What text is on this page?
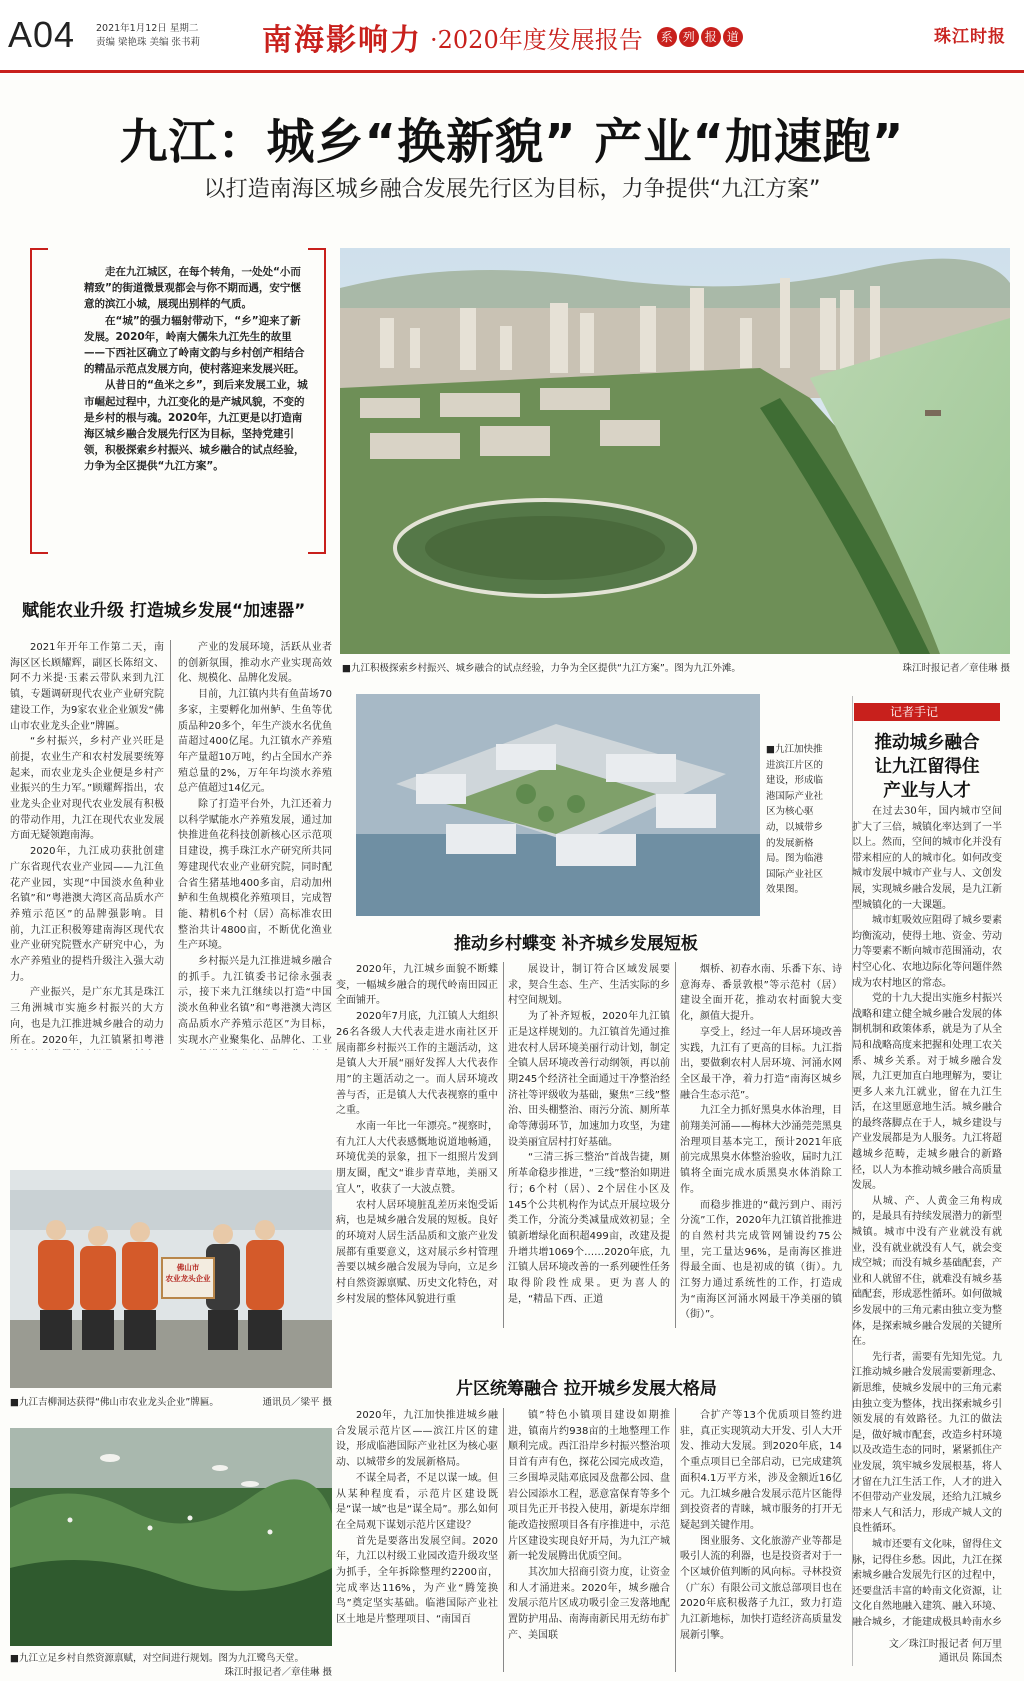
A04 2021年1月12日 星期二
责编 梁艳珠 美编 张书莉 南海影响力 ·2020年度发展报告	系 列 报 道	珠江时报
九江：城乡“换新貌” 产业“加速跑”
以打造南海区城乡融合发展先行区为目标，力争提供“九江方案”

走在九江城区，在每个转角，一处处“小而精致”的街道微景观都会与你不期而遇，安宁惬意的滨江小城，展现出别样的气质。

在“城”的强力辐射带动下，“乡”迎来了新发展。2020年，岭南大儒朱九江先生的故里——下西社区确立了岭南文韵与乡村创产相结合的精品示范点发展方向，使村落迎来发展兴旺。

从昔日的“鱼米之乡”，到后来发展工业，城市崛起过程中，九江变化的是产城风貌，不变的是乡村的根与魂。2020年，九江更是以打造南海区城乡融合发展先行区为目标，坚持党建引领，积极探索乡村振兴、城乡融合的试点经验，力争为全区提供“九江方案”。

■九江积极探索乡村振兴、城乡融合的试点经验，力争为全区提供“九江方案”。图为九江外滩。	珠江时报记者／章佳琳 摄
赋能农业升级 打造城乡发展“加速器”

2021年开年工作第二天，南海区区长顾耀辉，副区长陈绍文、阿不力米提·玉素云带队来到九江镇，专题调研现代农业产业研究院建设工作，为9家农业企业颁发“佛山市农业龙头企业”牌匾。

“乡村振兴，乡村产业兴旺是前提，农业生产和农村发展要统筹起来，而农业龙头企业便是乡村产业振兴的生力军。”顾耀辉指出，农业龙头企业对现代农业发展有积极的带动作用，九江在现代农业发展方面无疑领跑南海。

2020年，九江成功获批创建广东省现代农业产业园——九江鱼花产业园，实现“中国淡水鱼种业名镇”和“粤港澳大湾区高品质水产养殖示范区”的品牌强影响。目前，九江正积极筹建南海区现代农业产业研究院暨水产研究中心，为水产养殖业的提档升级注入强大动力。

产业振兴，是广东尤其是珠江三角洲城市实施乡村振兴的大方向，也是九江推进城乡融合的动力所在。2020年，九江镇紧扣粤港

产业的发展环境，活跃从业者的创新氛围，推动水产业实现高效化、规模化、品牌化发展。

目前，九江镇内共有鱼苗场70多家，主要孵化加州鲈、生鱼等优质品种20多个，年生产淡水名优鱼苗超过400亿尾。九江镇水产养殖年产量超10万吨，约占全国水产养殖总量的2%，万年年均淡水养殖总产值超过14亿元。

除了打造平台外，九江还着力以科学赋能水产养殖发展，通过加快推进鱼花科技创新核心区示范项目建设，携手珠江水产研究所共同筹建现代农业产业研究院，同时配合省生猪基地400多亩，启动加州鲈和生鱼规模化养殖项目，完成智能、精机6个村（居）高标准农田整治共计4800亩，不断优化渔业生产环境。

乡村振兴是九江推进城乡融合的抓手。九江镇委书记徐永强表示，接下来九江继续以打造“中国淡水鱼种业名镇”和“粤港澳大湾区高品质水产养殖示范区”为目标，实现水产业聚集化、品牌化、工业

■九江加快推进滨江片区的建设，形成临港国际产业社区为核心驱动，以城带乡的发展新格局。图为临港国际产业社区效果图。
推动乡村蝶变 补齐城乡发展短板

2020年，九江城乡面貌不断蝶变，一幅城乡融合的现代岭南田园正全面铺开。

2020年7月底，九江镇人大组织26名各级人大代表走进水南社区开展南都乡村振兴工作的主题活动，这是镇人大开展“丽好发挥人大代表作用”的主题活动之一。而人居环境改善与否，正是镇人大代表视察的重中之重。

水南一年比一年漂亮。”视察时，有九江人大代表感慨地说道地畅通，环境优美的景象，扭下一组照片发到朋友圈，配文“谁步青草地，美丽又宜人”，收获了一大波点赞。

农村人居环境脏乱差历来饱受诟病，也是城乡融合发展的短板。良好的环境对人居生活品质和文旅产业发展都有重要意义，这对展示乡村管理善要以城乡融合发展为导向，立足乡村自然资源禀赋、历史文化特色，对乡村发展的整体风貌进行重

展设计，制订符合区域发展要求，契合生态、生产、生活实际的乡村空间规划。

为了补齐短板，2020年九江镇正是这样规划的。九江镇首先通过推进农村人居环境美丽行动计划，制定全镇人居环境改善行动纲领，再以前期245个经济社全面通过干净整治经济社等评级收为基础，聚焦“三线”整治、田头棚整治、雨污分流、厕所革命等薄弱环节，加速加力攻坚，为建设美丽宜居村打好基础。

“三清三拆三整治”首战告捷，厕所革命稳步推进，“三线”整治如期进行；6个村（居）、2个居住小区及145个公共机构作为试点开展垃圾分类工作，分流分类减量成效初显；全镇新增绿化面积超499亩，改建及提升增共增1069个……2020年底，九江镇人居环境改善的一系列硬性任务取得阶段性成果。更为喜人的是，“精品下西、正道

烟桥、初春水南、乐番下东、诗意海寿、番景敦根”等示范村（居）建设全面开花，推动农村面貌大变化，颜值大提升。

享受上，经过一年人居环境改善实践，九江有了更高的目标。九江指出，要做剩农村人居环境、河涌水网全区最干净，着力打造“南海区城乡融合生态示范”。

九江全力抓好黑臭水体治理，目前翔美河涌——梅林大沙涌莞莞黑臭治理项目基本完工，预计2021年底前完成黑臭水体整治验收，届时九江镇将全面完成水质黑臭水体消除工作。

而稳步推进的“截污到户、雨污分流”工作，2020年九江镇首批推进的自然村共完成管网铺设约75公里，完工量达96%，是南海区推进得最全面、也是初成的镇（街）。九江努力通过系统性的工作，打造成为“南海区河涌水网最干净美丽的镇（街）”。

佛山市
农业龙头企业
■九江吉柳洞达获得“佛山市农业龙头企业”牌匾。	通讯员／梁平 摄
■九江立足乡村自然资源禀赋，对空间进行规划。图为九江鹭鸟天堂。
珠江时报记者／章佳琳 摄
片区统筹融合 拉开城乡发展大格局

2020年，九江加快推进城乡融合发展示范片区——滨江片区的建设，形成临港国际产业社区为核心驱动、以城带乡的发展新格局。

不谋全局者，不足以谋一域。但从某种程度看，示范片区建设既是“谋一域”也是“谋全局”。那么如何在全局观下谋划示范片区建设？

首先是要落出发展空间。2020年，九江以村级工业园改造升级攻坚为抓手，全年拆除整理约2200亩，完成率达116%，为产业“腾笼换鸟”奠定坚实基础。临港国际产业社区土地是片整理项目、“南国百

镇”特色小镇项目建设如期推进，镇南片约938亩的土地整理工作顺利完成。西江沿岸乡村振兴整治项目首有声有色，探花公园完成改造，三乡围埠灵陆邓底园及盘都公园、盘岩公园添水工程，恶意富保育等多个项目先正开书投入使用，新堤东岸细能改造按照项目各有序推进中，示范片区建设实现良好开局，为九江产城新一轮发展腾出优质空间。

其次加大招商引资力度，让资金和人才涌进来。2020年，城乡融合发展示范片区成功吸引金三发落地配置防护用品、南海南新民用无纺布扩产、美国联

合扩产等13个优质项目签约进驻，真正实现筑动大开发、引人大开发、推动大发展。到2020年底，14个重点项目已全部启动，已完成建筑面积4.1万平方米，涉及金额近16亿元。九江城乡融合发展示范片区能得到投资者的青睐，城市服务的打开无疑起到关键作用。

图业服务、文化旅游产业等都是吸引人流的利器，也是投资者对于一个区域价值判断的风向标。寻林投资（广东）有限公司文旅总部项目也在2020年底积极落子九江，致力打造九江新地标，加快打造经济高质量发展新引擎。

记者手记
推动城乡融合
让九江留得住
产业与人才

在过去30年，国内城市空间扩大了三倍，城镇化率达到了一半以上。然而，空间的城市化并没有带来相应的人的城市化。如何改变城市发展中城市产业与人、文创发展，实现城乡融合发展，是九江新型城镇化的一大课题。

城市虹吸效应阻碍了城乡要素均衡流动，使得土地、资金、劳动力等要素不断向城市范围涌动，农村空心化、农地边际化等问题伴然成为农村地区的常态。

党的十九大提出实施乡村振兴战略和建立健全城乡融合发展的体制机制和政策体系，就是为了从全局和战略高度来把握和处理工农关系、城乡关系。对于城乡融合发展，九江更加直白地理解为，要让更多人来九江就业，留在九江生活，在这里愿意地生活。城乡融合的最终落脚点在于人，城乡建设与产业发展都是为人服务。九江将超越城乡范畴，走城乡融合的新路径，以人为本推动城乡融合高质量发展。

从城、产、人黄金三角构成的，是最具有持续发展潜力的新型城镇。城市中没有产业就没有就业，没有就业就没有人气，就会变成空城；而没有城乡基础配套，产业和人就留不住，就难没有城乡基础配套，形成恶性循环。如何做城乡发展中的三角元素由独立变为整体，是探索城乡融合发展的关键所在。

先行者，需要有先知先觉。九江推动城乡融合发展需要新理念、新思维，使城乡发展中的三角元素由独立变为整体，找出探索城乡引领发展的有效路径。九江的做法是，做好城市配套，改造乡村环境以及改造生态的同时，紧紧抓住产业发展，筑牢城乡发展根基，将人才留在九江生活工作，人才的进入不但带动产业发展，还给九江城乡带来人气和活力，形成产城人文的良性循环。

城市还要有文化味，留得住文脉，记得住乡愁。因此，九江在探索城乡融合发展先行区的过程中，还要盘活丰富的岭南文化资源，让文化自然地融入建筑、融入环境、融合城乡，才能建成极具岭南水乡

文／珠江时报记者 何万里
通讯员 陈国杰
